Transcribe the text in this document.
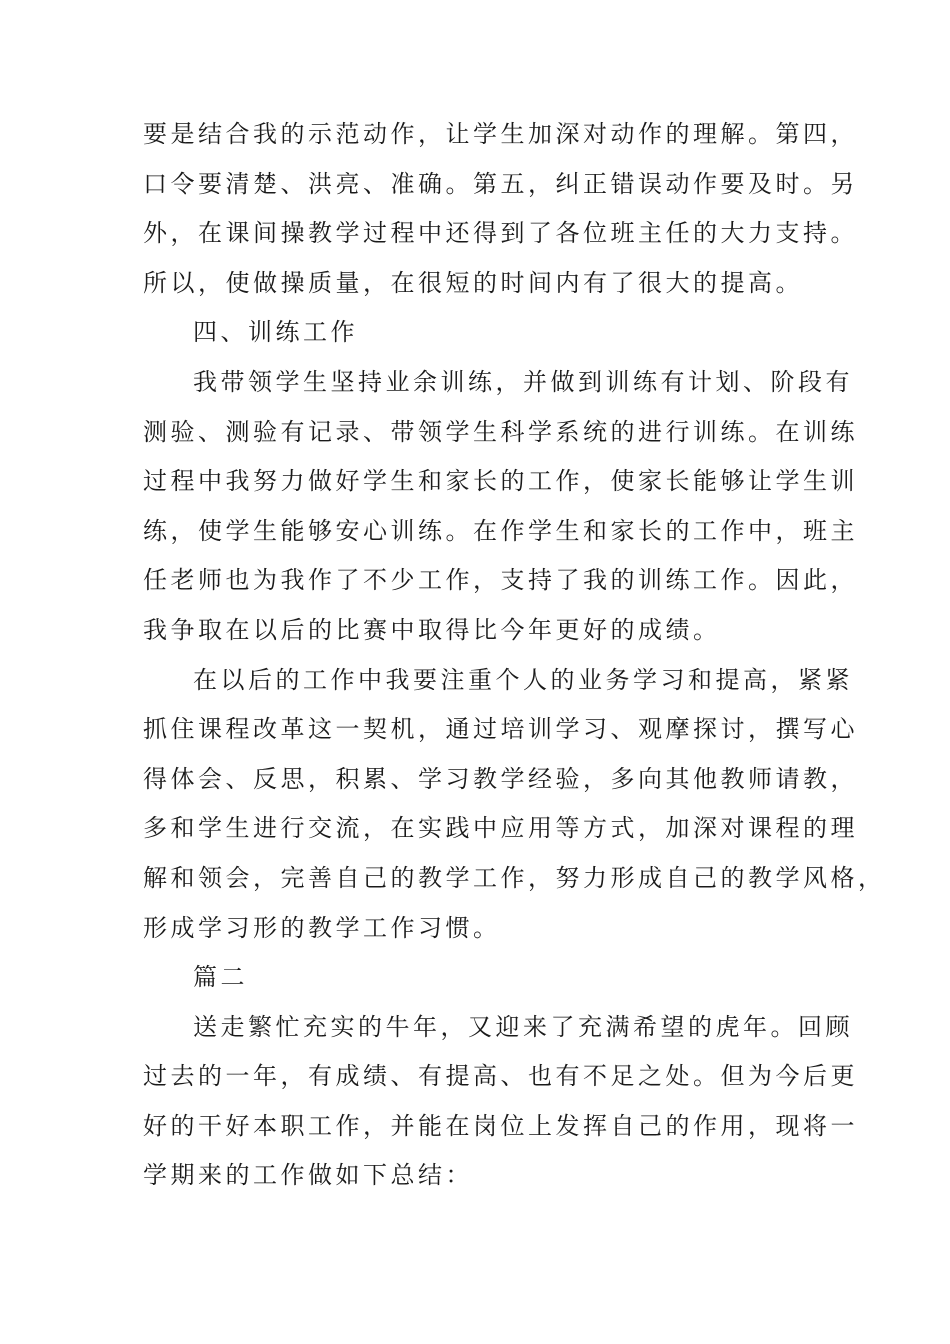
要是结合我的示范动作，让学生加深对动作的理解。第四，
口令要清楚、洪亮、准确。第五，纠正错误动作要及时。另
外，在课间操教学过程中还得到了各位班主任的大力支持。
所以，使做操质量，在很短的时间内有了很大的提高。
四、训练工作
我带领学生坚持业余训练，并做到训练有计划、阶段有
测验、测验有记录、带领学生科学系统的进行训练。在训练
过程中我努力做好学生和家长的工作，使家长能够让学生训
练，使学生能够安心训练。在作学生和家长的工作中，班主
任老师也为我作了不少工作，支持了我的训练工作。因此，
我争取在以后的比赛中取得比今年更好的成绩。
在以后的工作中我要注重个人的业务学习和提高，紧紧
抓住课程改革这一契机，通过培训学习、观摩探讨，撰写心
得体会、反思，积累、学习教学经验，多向其他教师请教，
多和学生进行交流，在实践中应用等方式，加深对课程的理
解和领会，完善自己的教学工作，努力形成自己的教学风格，
形成学习形的教学工作习惯。
篇二
送走繁忙充实的牛年，又迎来了充满希望的虎年。回顾
过去的一年，有成绩、有提高、也有不足之处。但为今后更
好的干好本职工作，并能在岗位上发挥自己的作用，现将一
学期来的工作做如下总结：
